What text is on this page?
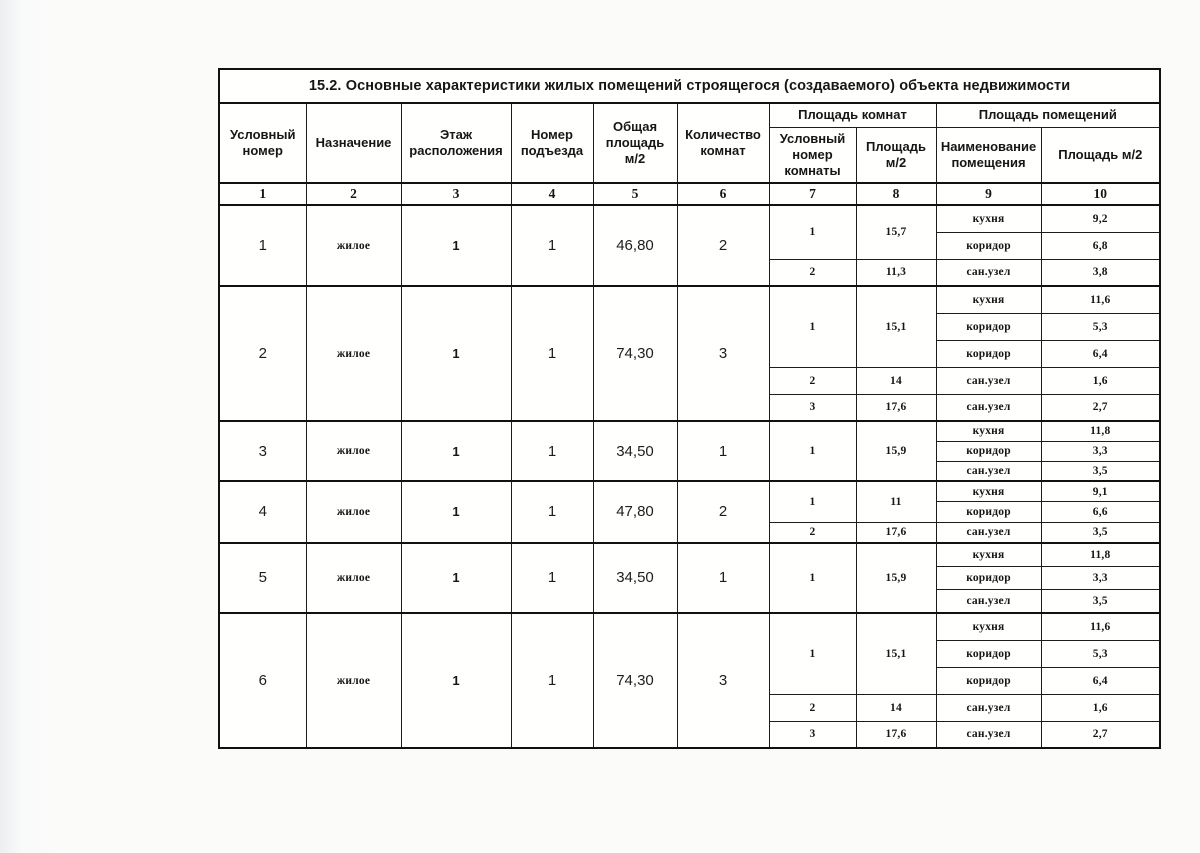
15.2. Основные характеристики жилых помещений строящегося (создаваемого) объекта недвижимости									
Условный номер	Назначение	Этаж расположения	Номер подъезда	Общая площадь м/2	Количество комнат	Площадь комнат		Площадь помещений	
						Условный номер комнаты	Площадь м/2	Наименование помещения	Площадь м/2
1	2	3	4	5	6	7	8	9	10
1	жилое	1	1	46,80	2	1	15,7	кухня	9,2
								коридор	6,8
						2	11,3	сан.узел	3,8
2	жилое	1	1	74,30	3	1	15,1	кухня	11,6
								коридор	5,3
								коридор	6,4
						2	14	сан.узел	1,6
						3	17,6	сан.узел	2,7
3	жилое	1	1	34,50	1	1	15,9	кухня	11,8
								коридор	3,3
								сан.узел	3,5
4	жилое	1	1	47,80	2	1	11	кухня	9,1
								коридор	6,6
						2	17,6	сан.узел	3,5
5	жилое	1	1	34,50	1	1	15,9	кухня	11,8
								коридор	3,3
								сан.узел	3,5
6	жилое	1	1	74,30	3	1	15,1	кухня	11,6
								коридор	5,3
								коридор	6,4
						2	14	сан.узел	1,6
						3	17,6	сан.узел	2,7
